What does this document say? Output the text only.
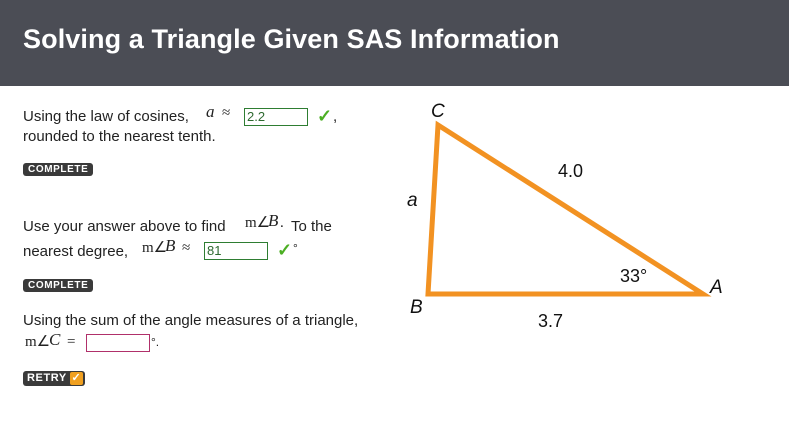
Solving a Triangle Given SAS Information
Using the law of cosines, a ≈ 2.2	✓ ,
rounded to the nearest tenth.
COMPLETE
Use your answer above to find m∠
B . To the
nearest degree, m∠
B ≈ 81	✓ °
COMPLETE
Using the sum of the angle measures of a triangle,
m∠
C =	°.
RETRY ✓
C
B
A
a
4.0
3.7
33°
